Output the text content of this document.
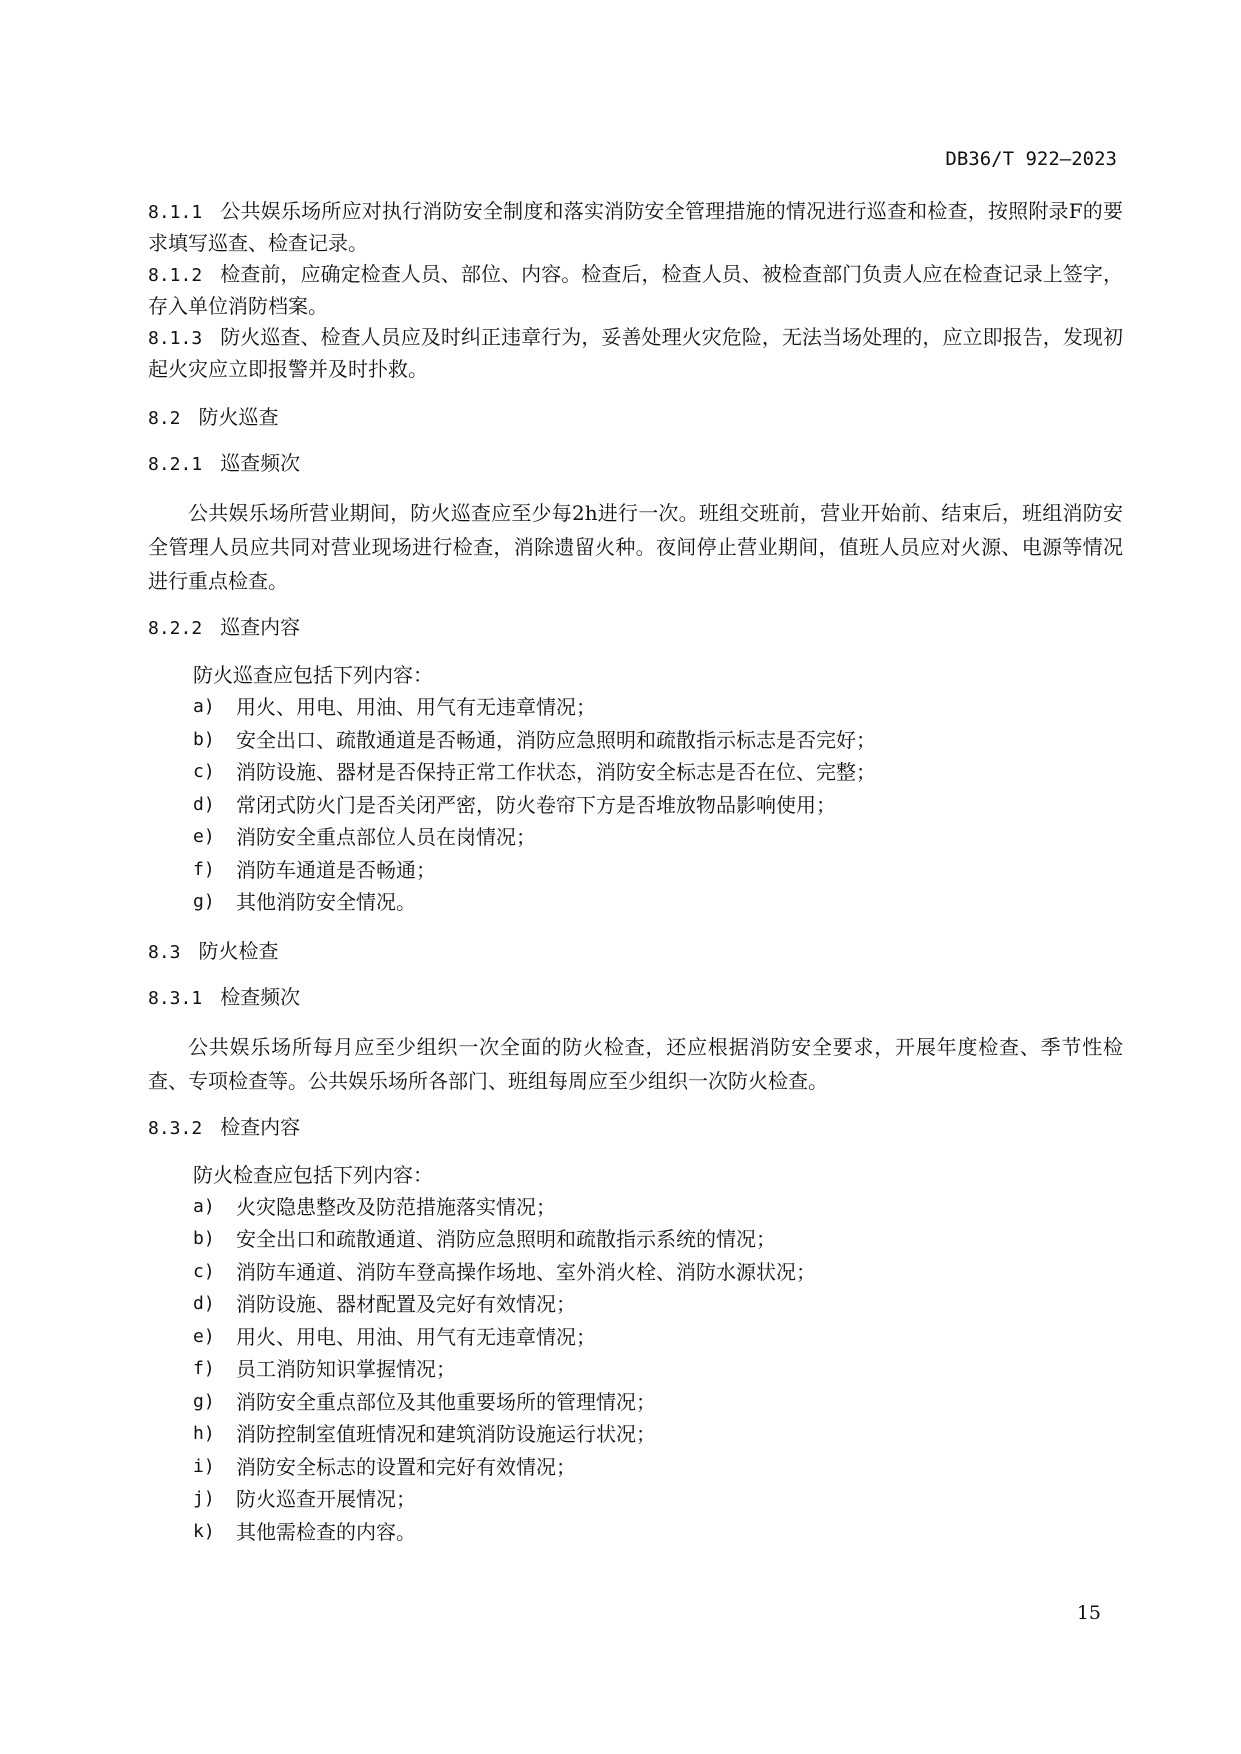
DB36/T 922—2023

8.1.1 公共娱乐场所应对执行消防安全制度和落实消防安全管理措施的情况进行巡查和检查，按照附录F的要求填写巡查、检查记录。

8.1.2 检查前，应确定检查人员、部位、内容。检查后，检查人员、被检查部门负责人应在检查记录上签字，存入单位消防档案。

8.1.3 防火巡查、检查人员应及时纠正违章行为，妥善处理火灾危险，无法当场处理的，应立即报告，发现初起火灾应立即报警并及时扑救。

8.2 防火巡查
8.2.1 巡查频次

公共娱乐场所营业期间，防火巡查应至少每2h进行一次。班组交班前，营业开始前、结束后，班组消防安全管理人员应共同对营业现场进行检查，消除遗留火种。夜间停止营业期间，值班人员应对火源、电源等情况进行重点检查。

8.2.2 巡查内容

防火巡查应包括下列内容：

a)	用火、用电、用油、用气有无违章情况；
b)	安全出口、疏散通道是否畅通，消防应急照明和疏散指示标志是否完好；
c)	消防设施、器材是否保持正常工作状态，消防安全标志是否在位、完整；
d)	常闭式防火门是否关闭严密，防火卷帘下方是否堆放物品影响使用；
e)	消防安全重点部位人员在岗情况；
f)	消防车通道是否畅通；
g)	其他消防安全情况。
8.3 防火检查
8.3.1 检查频次

公共娱乐场所每月应至少组织一次全面的防火检查，还应根据消防安全要求，开展年度检查、季节性检查、专项检查等。公共娱乐场所各部门、班组每周应至少组织一次防火检查。

8.3.2 检查内容

防火检查应包括下列内容：

a)	火灾隐患整改及防范措施落实情况；
b)	安全出口和疏散通道、消防应急照明和疏散指示系统的情况；
c)	消防车通道、消防车登高操作场地、室外消火栓、消防水源状况；
d)	消防设施、器材配置及完好有效情况；
e)	用火、用电、用油、用气有无违章情况；
f)	员工消防知识掌握情况；
g)	消防安全重点部位及其他重要场所的管理情况；
h)	消防控制室值班情况和建筑消防设施运行状况；
i)	消防安全标志的设置和完好有效情况；
j)	防火巡查开展情况；
k)	其他需检查的内容。
15
